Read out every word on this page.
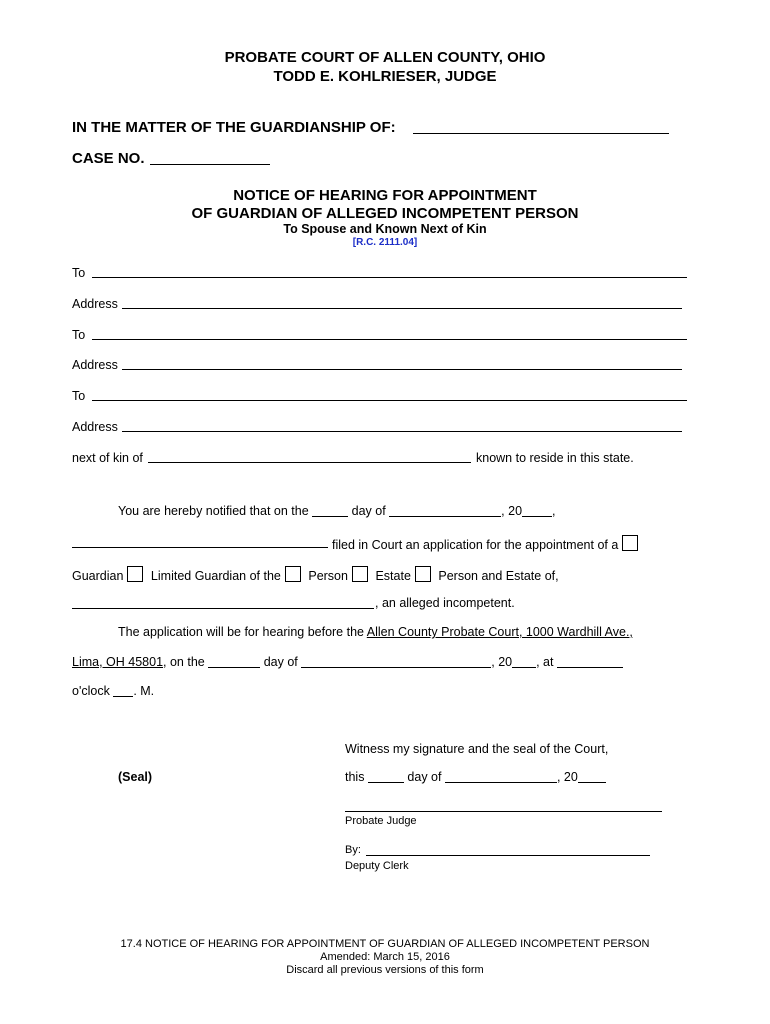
PROBATE COURT OF ALLEN COUNTY, OHIO
TODD E. KOHLRIESER, JUDGE
IN THE MATTER OF THE GUARDIANSHIP OF:
CASE NO.
NOTICE OF HEARING FOR APPOINTMENT
OF GUARDIAN OF ALLEGED INCOMPETENT PERSON
To Spouse and Known Next of Kin
[R.C. 2111.04]
To
Address
To
Address
To
Address
next of kin of	known to reside in this state.
You are hereby notified that on the	day of	, 20 ,
filed in Court an application for the appointment of a
Guardian Limited Guardian of the Person Estate Person and Estate of,
, an alleged incompetent.
The application will be for hearing before the Allen County Probate Court, 1000 Wardhill Ave.,
Lima, OH 45801, on the	day of	, 20 , at
o'clock . M.
Witness my signature and the seal of the Court,
(Seal)	this	day of	, 20
Probate Judge
By:
Deputy Clerk
17.4 NOTICE OF HEARING FOR APPOINTMENT OF GUARDIAN OF ALLEGED INCOMPETENT PERSON
Amended: March 15, 2016
Discard all previous versions of this form
